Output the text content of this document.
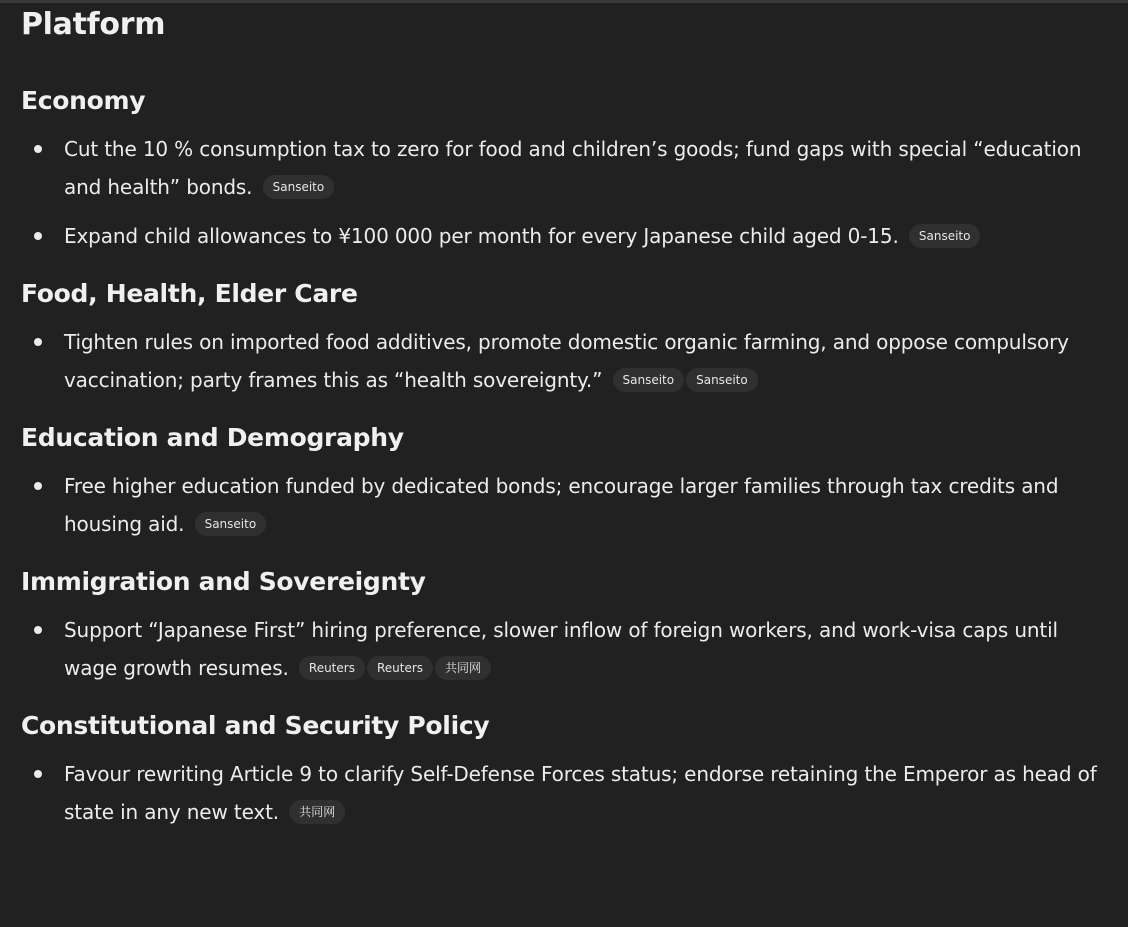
Platform
Economy
Cut the 10 % consumption tax to zero for food and children’s goods; fund gaps with special “education and health” bonds. Sanseito
Expand child allowances to ¥100 000 per month for every Japanese child aged 0-15. Sanseito
Food, Health, Elder Care
Tighten rules on imported food additives, promote domestic organic farming, and oppose compulsory vaccination; party frames this as “health sovereignty.” Sanseito Sanseito
Education and Demography
Free higher education funded by dedicated bonds; encourage larger families through tax credits and housing aid. Sanseito
Immigration and Sovereignty
Support “Japanese First” hiring preference, slower inflow of foreign workers, and work-visa caps until wage growth resumes. Reuters Reuters 共同网
Constitutional and Security Policy
Favour rewriting Article 9 to clarify Self-Defense Forces status; endorse retaining the Emperor as head of state in any new text. 共同网
